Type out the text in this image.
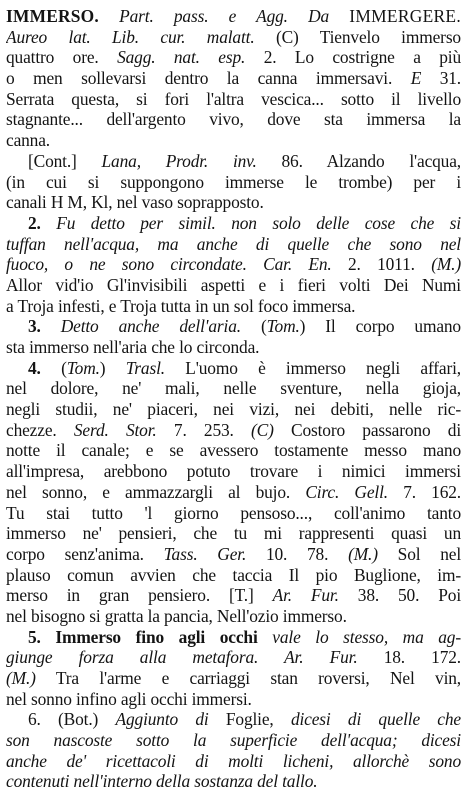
IMMERSO. Part. pass. e Agg. Da IMMERGERE.
Aureo lat. Lib. cur. malatt. (C) Tienvelo immerso
quattro ore. Sagg. nat. esp. 2. Lo costrigne a più
o men sollevarsi dentro la canna immersavi. E 31.
Serrata questa, si fori l'altra vescica... sotto il livello
stagnante... dell'argento vivo, dove sta immersa la
canna.
[Cont.] Lana, Prodr. inv. 86. Alzando l'acqua,
(in cui si suppongono immerse le trombe) per i
canali H M, Kl, nel vaso soprapposto.
2. Fu detto per simil. non solo delle cose che si
tuffan nell'acqua, ma anche di quelle che sono nel
fuoco, o ne sono circondate. Car. En. 2. 1011. (M.)
Allor vid'io Gl'invisibili aspetti e i fieri volti Dei Numi
a Troja infesti, e Troja tutta in un sol foco immersa.
3. Detto anche dell'aria. (Tom.) Il corpo umano
sta immerso nell'aria che lo circonda.
4. (Tom.) Trasl. L'uomo è immerso negli affari,
nel dolore, ne' mali, nelle sventure, nella gioja,
negli studii, ne' piaceri, nei vizi, nei debiti, nelle ric-
chezze. Serd. Stor. 7. 253. (C) Costoro passarono di
notte il canale; e se avessero tostamente messo mano
all'impresa, arebbono potuto trovare i nimici immersi
nel sonno, e ammazzargli al bujo. Circ. Gell. 7. 162.
Tu stai tutto 'l giorno pensoso..., coll'animo tanto
immerso ne' pensieri, che tu mi rappresenti quasi un
corpo senz'anima. Tass. Ger. 10. 78. (M.) Sol nel
plauso comun avvien che taccia Il pio Buglione, im-
merso in gran pensiero. [T.] Ar. Fur. 38. 50. Poi
nel bisogno si gratta la pancia, Nell'ozio immerso.
5. Immerso fino agli occhi vale lo stesso, ma ag-
giunge forza alla metafora. Ar. Fur. 18. 172.
(M.) Tra l'arme e carriaggi stan roversi, Nel vin,
nel sonno infino agli occhi immersi.
6. (Bot.) Aggiunto di Foglie, dicesi di quelle che
son nascoste sotto la superficie dell'acqua; dicesi
anche de' ricettacoli di molti licheni, allorchè sono
contenuti nell'interno della sostanza del tallo.
